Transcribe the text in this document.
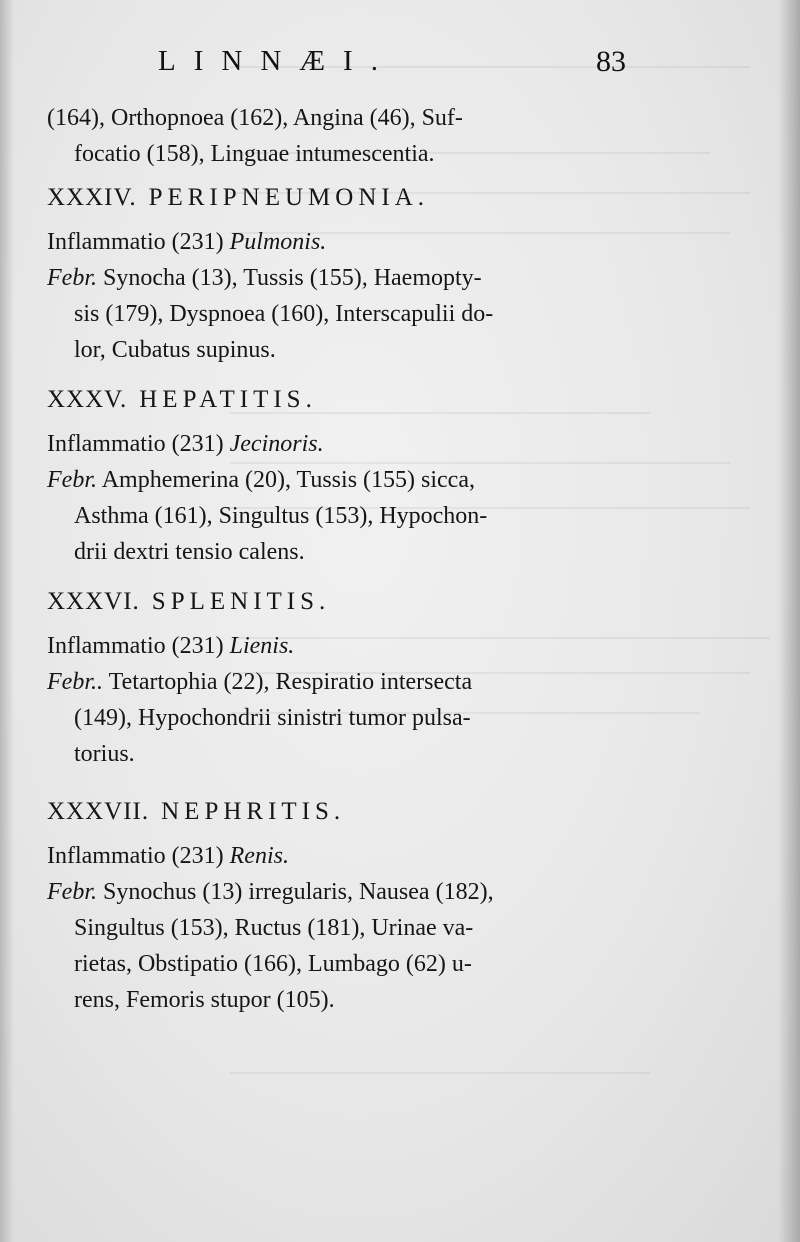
LINNÆI.	83
(164), Orthopnoea (162), Angina (46), Suf-
focatio (158), Linguae intumescentia.
XXXIV. PERIPNEUMONIA.
Inflammatio (231) Pulmonis.
Febr. Synocha (13), Tussis (155), Haemopty-
sis (179), Dyspnoea (160), Interscapulii do-
lor, Cubatus supinus.
XXXV. HEPATITIS.
Inflammatio (231) Jecinoris.
Febr. Amphemerina (20), Tussis (155) sicca,
Asthma (161), Singultus (153), Hypochon-
drii dextri tensio calens.
XXXVI. SPLENITIS.
Inflammatio (231) Lienis.
Febr.. Tetartophia (22), Respiratio intersecta
(149), Hypochondrii sinistri tumor pulsa-
torius.
XXXVII. NEPHRITIS.
Inflammatio (231) Renis.
Febr. Synochus (13) irregularis, Nausea (182),
Singultus (153), Ructus (181), Urinae va-
rietas, Obstipatio (166), Lumbago (62) u-
rens, Femoris stupor (105).
